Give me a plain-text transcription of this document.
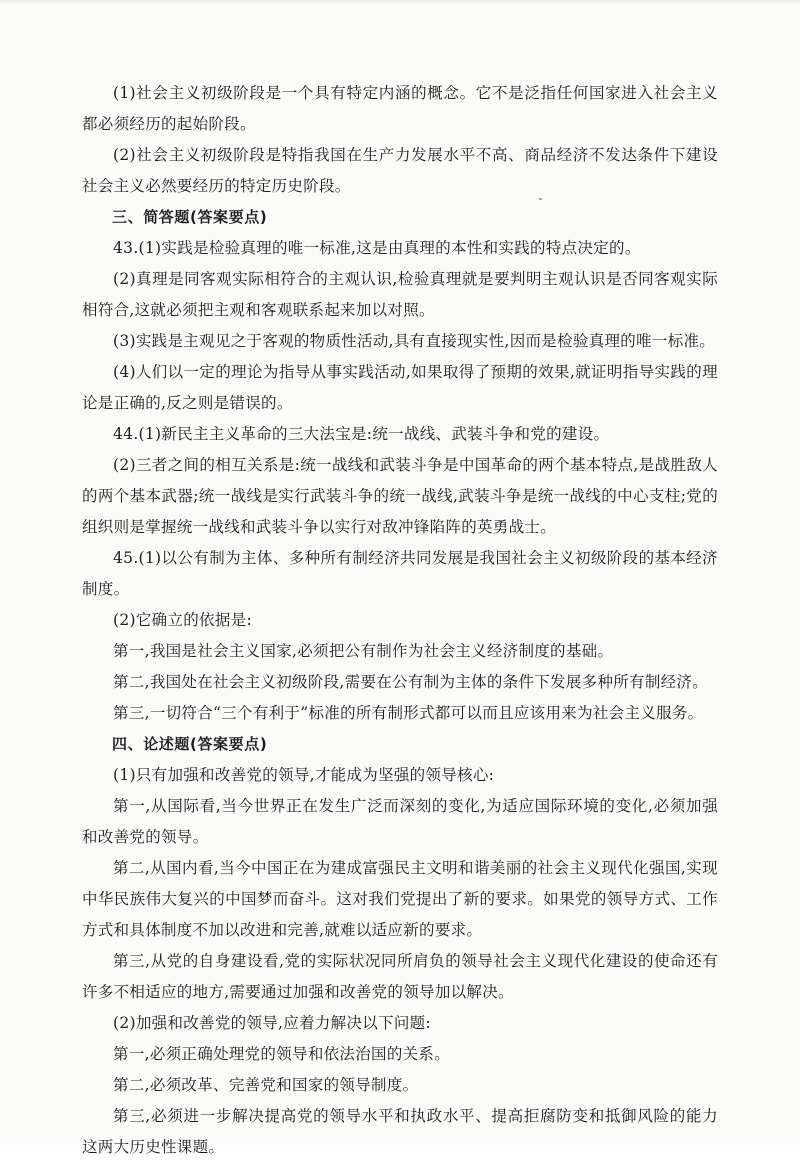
(1)社会主义初级阶段是一个具有特定内涵的概念。它不是泛指任何国家进入社会主义都必须经历的起始阶段。

(2)社会主义初级阶段是特指我国在生产力发展水平不高、商品经济不发达条件下建设社会主义必然要经历的特定历史阶段。

三、简答题(答案要点)

43.(1)实践是检验真理的唯一标准,这是由真理的本性和实践的特点决定的。

(2)真理是同客观实际相符合的主观认识,检验真理就是要判明主观认识是否同客观实际相符合,这就必须把主观和客观联系起来加以对照。

(3)实践是主观见之于客观的物质性活动,具有直接现实性,因而是检验真理的唯一标准。

(4)人们以一定的理论为指导从事实践活动,如果取得了预期的效果,就证明指导实践的理论是正确的,反之则是错误的。

44.(1)新民主主义革命的三大法宝是:统一战线、武装斗争和党的建设。

(2)三者之间的相互关系是:统一战线和武装斗争是中国革命的两个基本特点,是战胜敌人的两个基本武器;统一战线是实行武装斗争的统一战线,武装斗争是统一战线的中心支柱;党的组织则是掌握统一战线和武装斗争以实行对敌冲锋陷阵的英勇战士。

45.(1)以公有制为主体、多种所有制经济共同发展是我国社会主义初级阶段的基本经济制度。

(2)它确立的依据是:

第一,我国是社会主义国家,必须把公有制作为社会主义经济制度的基础。

第二,我国处在社会主义初级阶段,需要在公有制为主体的条件下发展多种所有制经济。

第三,一切符合“三个有利于”标准的所有制形式都可以而且应该用来为社会主义服务。

四、论述题(答案要点)

(1)只有加强和改善党的领导,才能成为坚强的领导核心:

第一,从国际看,当今世界正在发生广泛而深刻的变化,为适应国际环境的变化,必须加强和改善党的领导。

第二,从国内看,当今中国正在为建成富强民主文明和谐美丽的社会主义现代化强国,实现中华民族伟大复兴的中国梦而奋斗。这对我们党提出了新的要求。如果党的领导方式、工作方式和具体制度不加以改进和完善,就难以适应新的要求。

第三,从党的自身建设看,党的实际状况同所肩负的领导社会主义现代化建设的使命还有许多不相适应的地方,需要通过加强和改善党的领导加以解决。

(2)加强和改善党的领导,应着力解决以下问题:

第一,必须正确处理党的领导和依法治国的关系。

第二,必须改革、完善党和国家的领导制度。

第三,必须进一步解决提高党的领导水平和执政水平、提高拒腐防变和抵御风险的能力这两大历史性课题。
